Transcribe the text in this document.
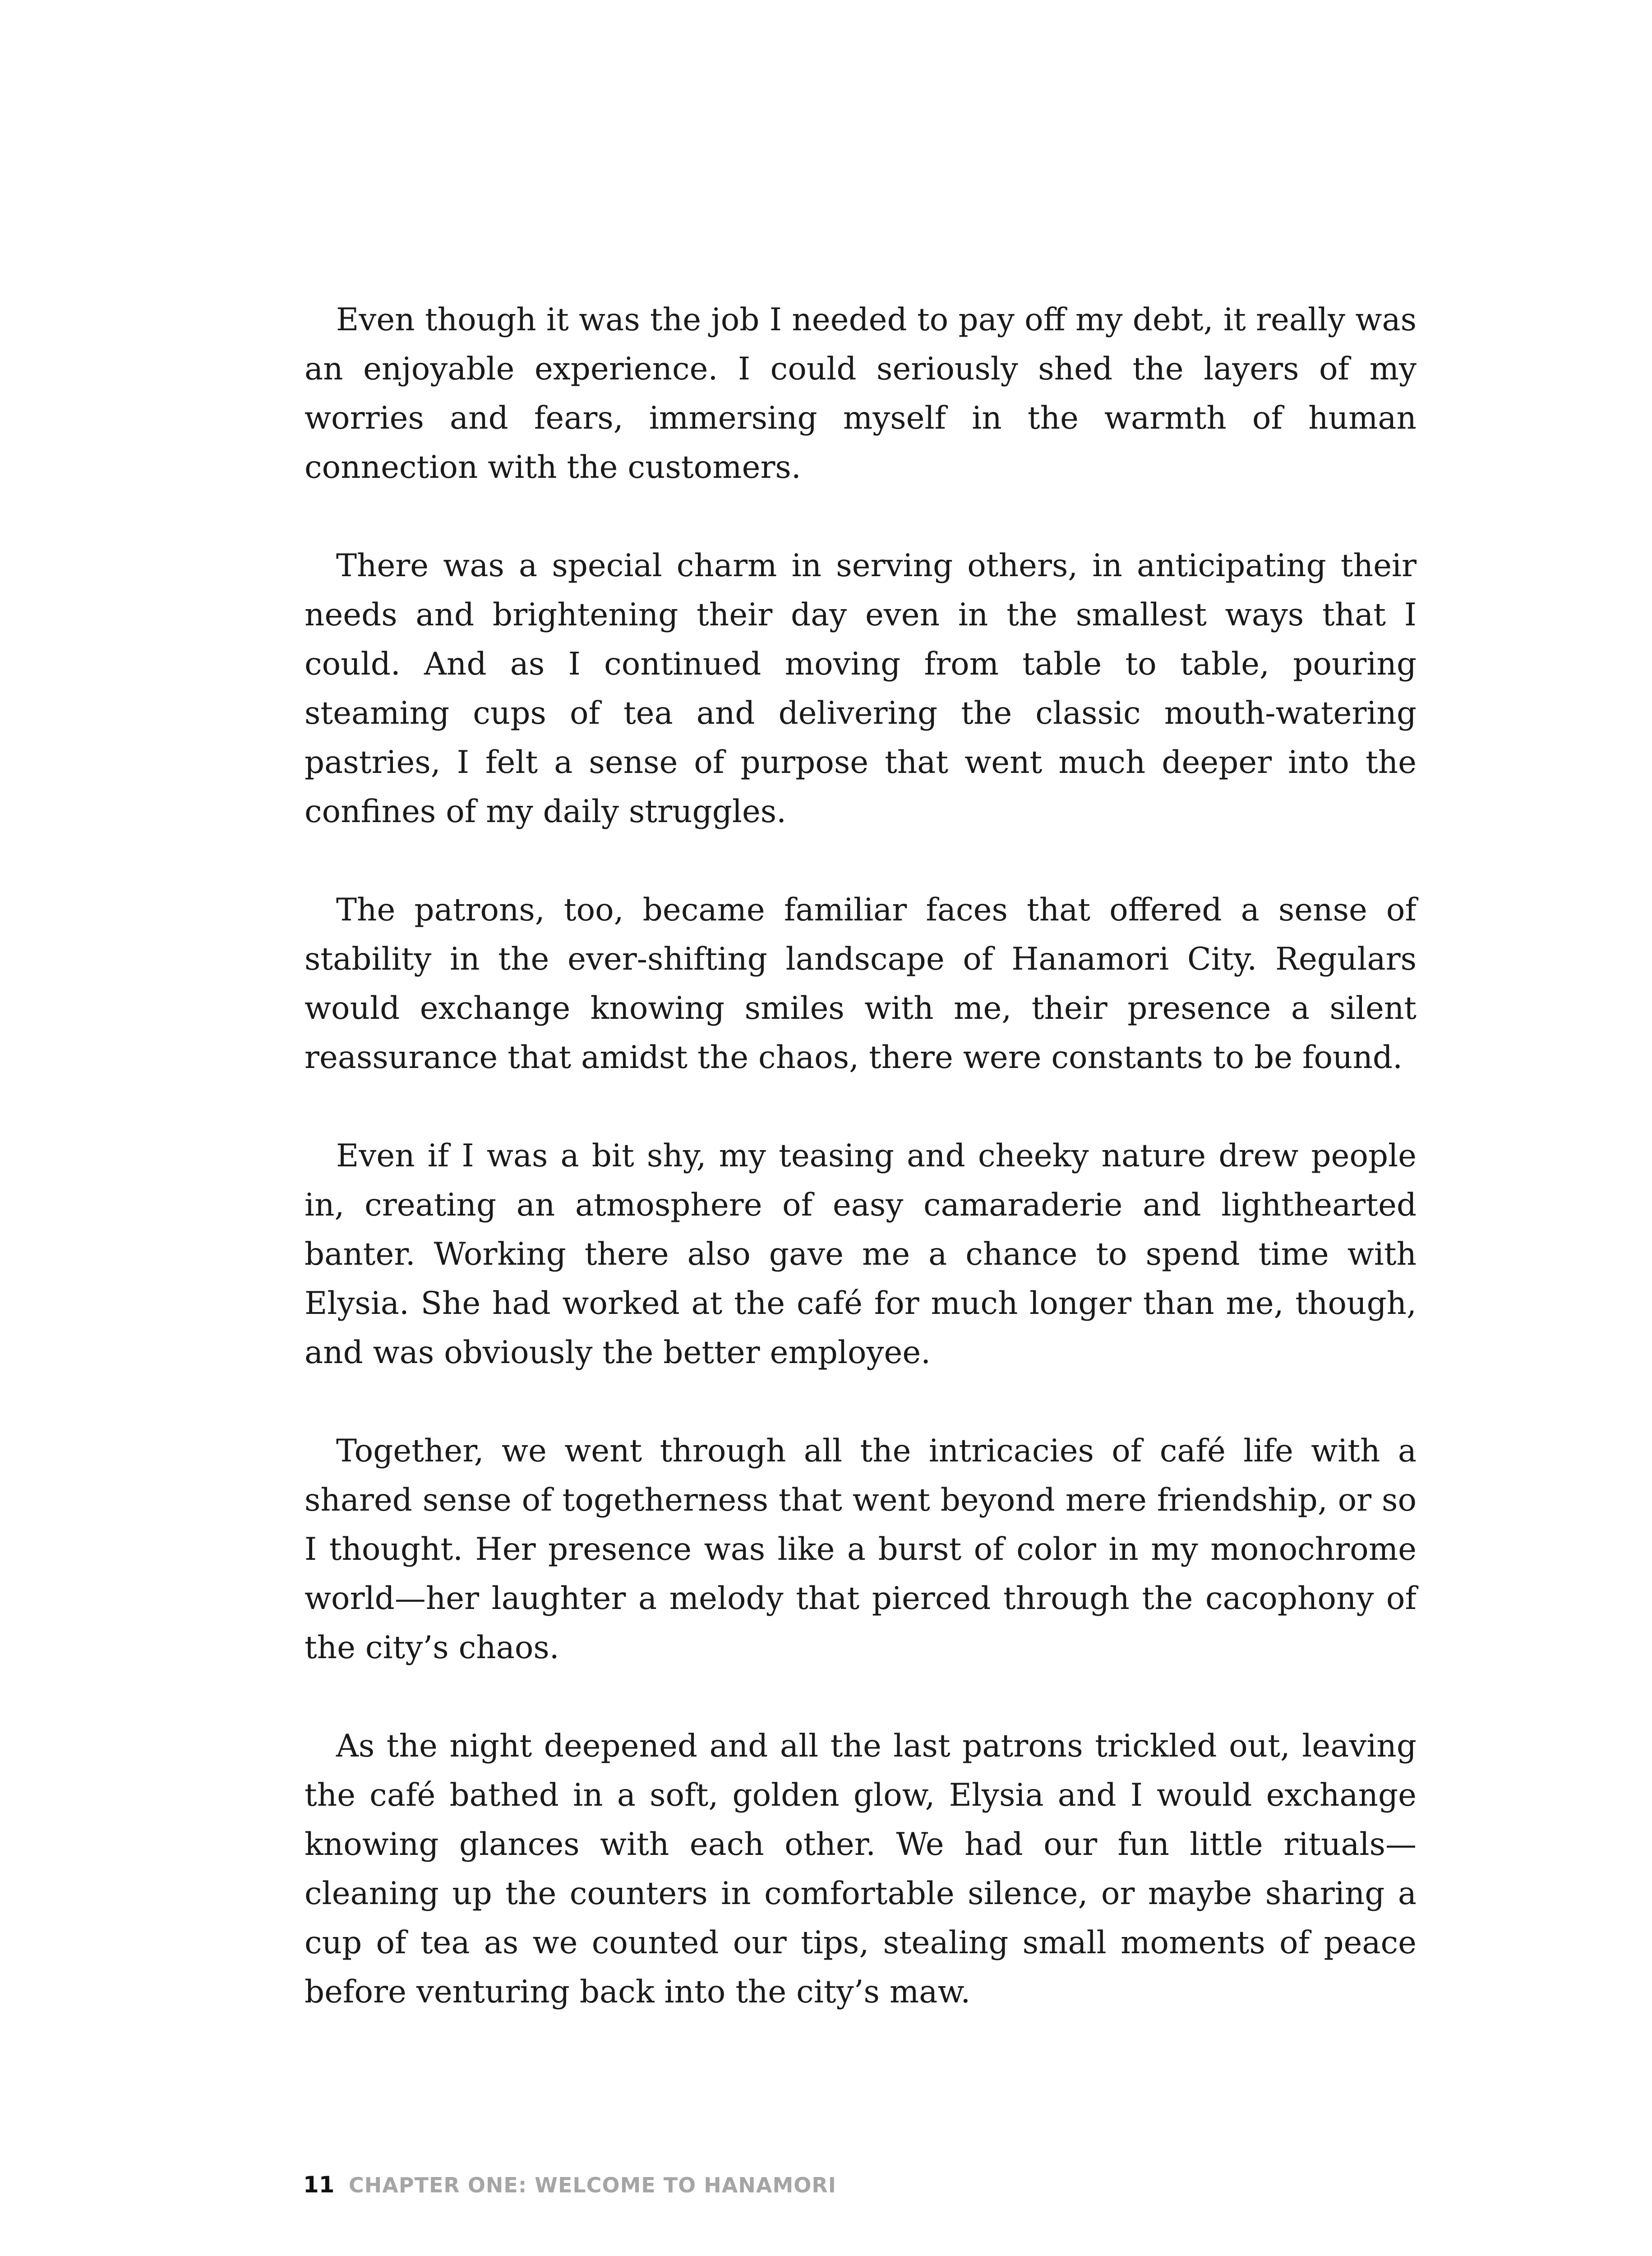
Even though it was the job I needed to pay off my debt, it really was an enjoyable experience. I could seriously shed the layers of my worries and fears, immersing myself in the warmth of human connection with the customers.

There was a special charm in serving others, in anticipating their needs and brightening their day even in the smallest ways that I could. And as I continued moving from table to table, pouring steaming cups of tea and delivering the classic mouth-watering pastries, I felt a sense of purpose that went much deeper into the confines of my daily struggles.

The patrons, too, became familiar faces that offered a sense of stability in the ever-shifting landscape of Hanamori City. Regulars would exchange knowing smiles with me, their presence a silent reassurance that amidst the chaos, there were constants to be found.

Even if I was a bit shy, my teasing and cheeky nature drew people in, creating an atmosphere of easy camaraderie and lighthearted banter. Working there also gave me a chance to spend time with Elysia. She had worked at the café for much longer than me, though, and was obviously the better employee.

Together, we went through all the intricacies of café life with a shared sense of togetherness that went beyond mere friendship, or so I thought. Her presence was like a burst of color in my monochrome world—her laughter a melody that pierced through the cacophony of the city’s chaos.

As the night deepened and all the last patrons trickled out, leaving the café bathed in a soft, golden glow, Elysia and I would exchange knowing glances with each other. We had our fun little rituals—cleaning up the counters in comfortable silence, or maybe sharing a cup of tea as we counted our tips, stealing small moments of peace before venturing back into the city’s maw.

11 CHAPTER ONE: WELCOME TO HANAMORI
